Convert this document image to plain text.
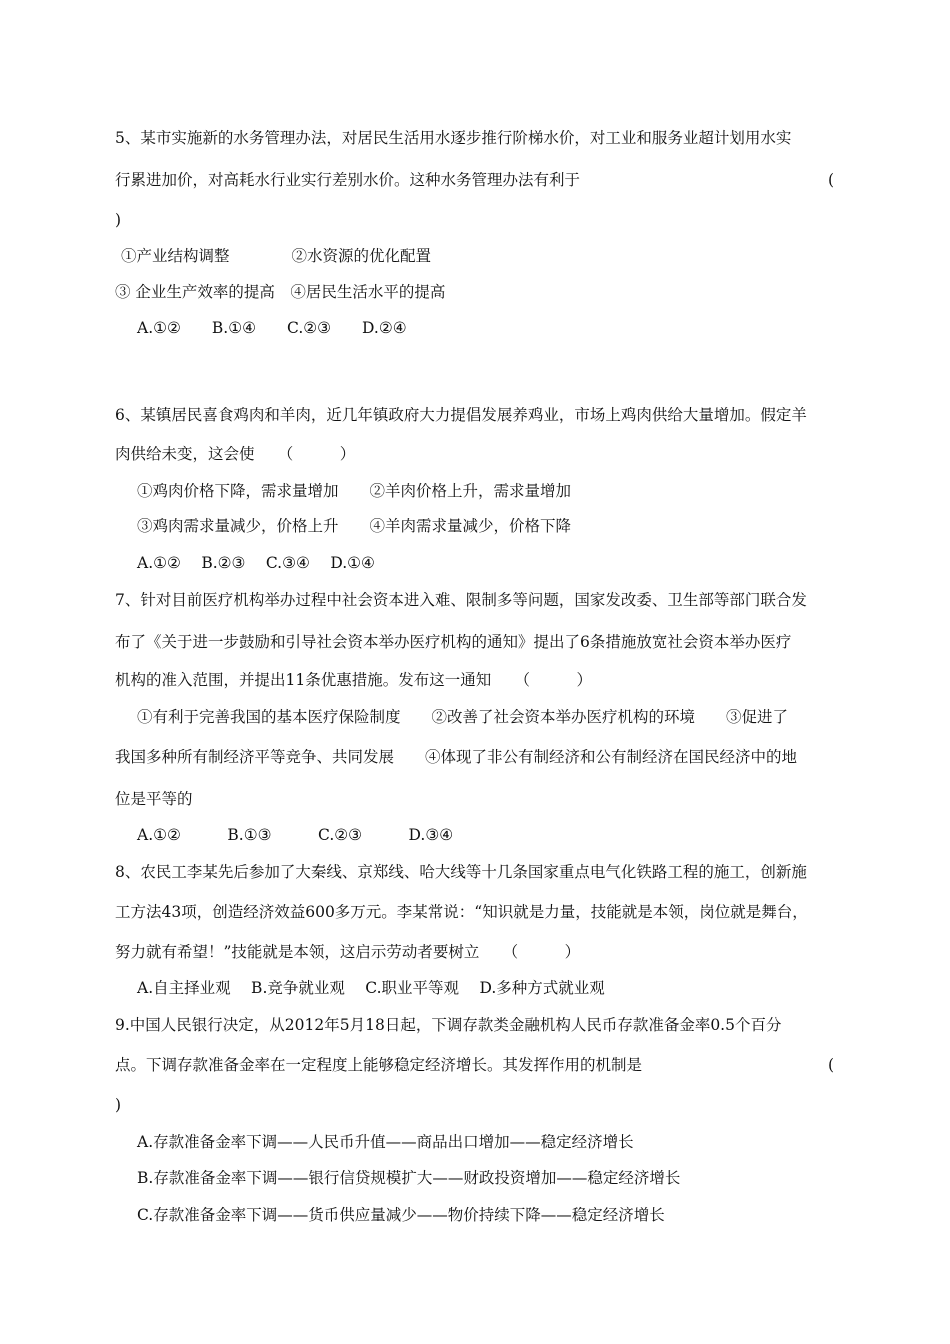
5、某市实施新的水务管理办法，对居民生活用水逐步推行阶梯水价，对工业和服务业超计划用水实
行累进加价，对高耗水行业实行差别水价。这种水务管理办法有利于	(
)
①产业结构调整　　　　②水资源的优化配置
③ 企业生产效率的提高　④居民生活水平的提高
A.①②　　B.①④　　C.②③　　D.②④
6、某镇居民喜食鸡肉和羊肉，近几年镇政府大力提倡发展养鸡业，市场上鸡肉供给大量增加。假定羊
肉供给未变，这会使　　（　　　）
①鸡肉价格下降，需求量增加　　②羊肉价格上升，需求量增加
③鸡肉需求量减少，价格上升　　④羊肉需求量减少，价格下降
A.①②　 B.②③　 C.③④　 D.①④
7、针对目前医疗机构举办过程中社会资本进入难、限制多等问题，国家发改委、卫生部等部门联合发
布了《关于进一步鼓励和引导社会资本举办医疗机构的通知》提出了6条措施放宽社会资本举办医疗
机构的准入范围，并提出11条优惠措施。发布这一通知　　（　　　）
①有利于完善我国的基本医疗保险制度　　②改善了社会资本举办医疗机构的环境　　③促进了
我国多种所有制经济平等竞争、共同发展　　④体现了非公有制经济和公有制经济在国民经济中的地
位是平等的
A.①②　　　B.①③　　　C.②③　　　D.③④
8、农民工李某先后参加了大秦线、京郑线、哈大线等十几条国家重点电气化铁路工程的施工，创新施
工方法43项，创造经济效益600多万元。李某常说：“知识就是力量，技能就是本领，岗位就是舞台，
努力就有希望！”技能就是本领，这启示劳动者要树立　　（　　　）
A.自主择业观　 B.竞争就业观　 C.职业平等观　 D.多种方式就业观
9.中国人民银行决定，从2012年5月18日起，下调存款类金融机构人民币存款准备金率0.5个百分
点。下调存款准备金率在一定程度上能够稳定经济增长。其发挥作用的机制是	(
)
A.存款准备金率下调——人民币升值——商品出口增加——稳定经济增长
B.存款准备金率下调——银行信贷规模扩大——财政投资增加——稳定经济增长
C.存款准备金率下调——货币供应量减少——物价持续下降——稳定经济增长
